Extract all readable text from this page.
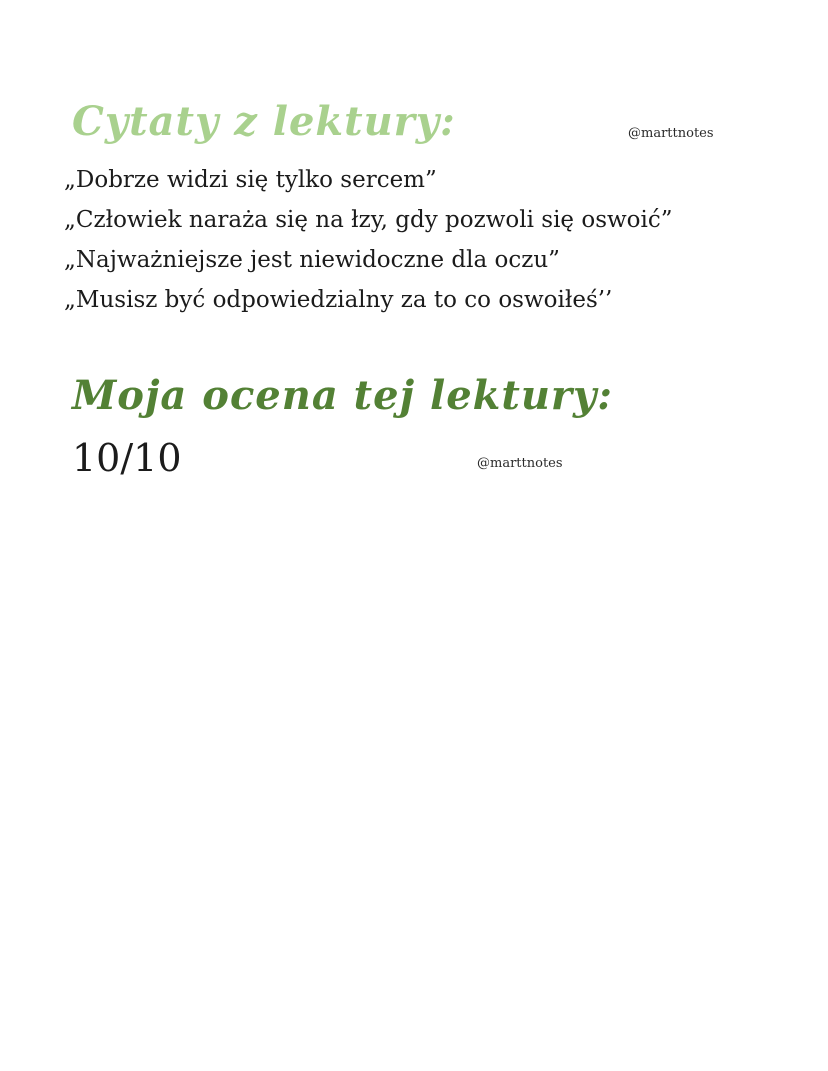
Cytaty z lektury:	@marttnotes

„Dobrze widzi się tylko sercem”

„Człowiek naraża się na łzy, gdy pozwoli się oswoić”

„Najważniejsze jest niewidoczne dla oczu”

„Musisz być odpowiedzialny za to co oswoiłeś’’

Moja ocena tej lektury:
10/10	@marttnotes
